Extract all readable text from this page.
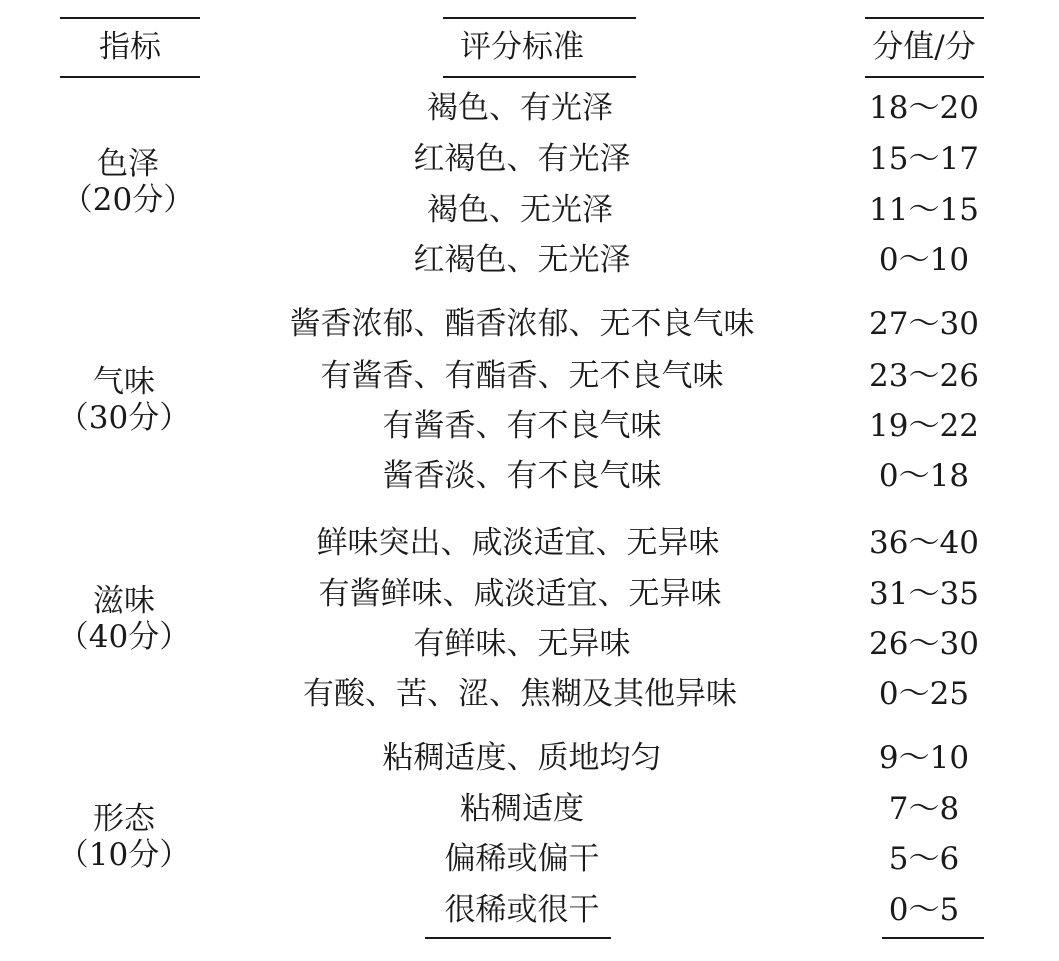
指标	评分标准	分值/分
色泽
（20分）
褐色、有光泽	18～20
红褐色、有光泽	15～17
褐色、无光泽	11～15
红褐色、无光泽	0～10
气味
（30分）
酱香浓郁、酯香浓郁、无不良气味	27～30
有酱香、有酯香、无不良气味	23～26
有酱香、有不良气味	19～22
酱香淡、有不良气味	0～18
滋味
（40分）
鲜味突出、咸淡适宜、无异味	36～40
有酱鲜味、咸淡适宜、无异味	31～35
有鲜味、无异味	26～30
有酸、苦、涩、焦糊及其他异味	0～25
形态
（10分）
粘稠适度、质地均匀	9～10
粘稠适度	7～8
偏稀或偏干	5～6
很稀或很干	0～5
